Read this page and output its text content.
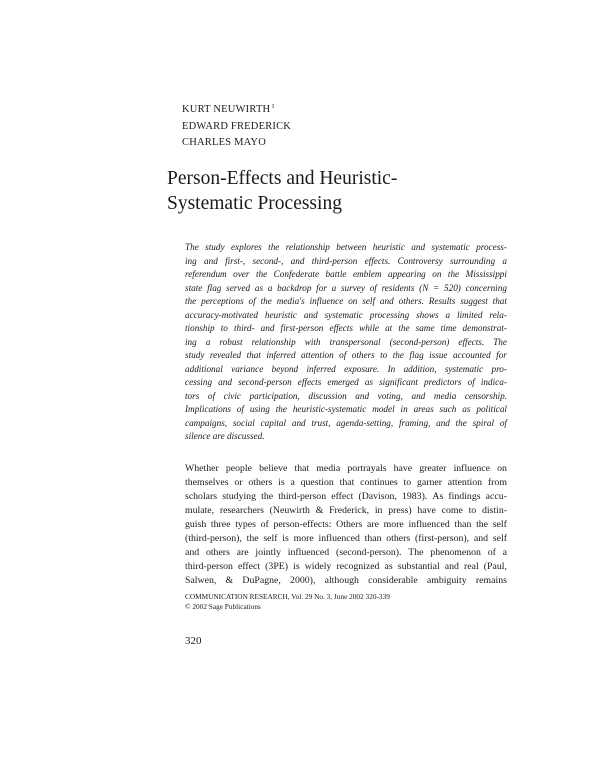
KURT NEUWIRTH$^1$
EDWARD FREDERICK
CHARLES MAYO
Person-Effects and Heuristic-
Systematic Processing
The study explores the relationship between heuristic and systematic process-
ing and first-, second-, and third-person effects. Controversy surrounding a
referendum over the Confederate battle emblem appearing on the Mississippi
state flag served as a backdrop for a survey of residents (N = 520) concerning
the perceptions of the media's influence on self and others. Results suggest that
accuracy-motivated heuristic and systematic processing shows a limited rela-
tionship to third- and first-person effects while at the same time demonstrat-
ing a robust relationship with transpersonal (second-person) effects. The
study revealed that inferred attention of others to the flag issue accounted for
additional variance beyond inferred exposure. In addition, systematic pro-
cessing and second-person effects emerged as significant predictors of indica-
tors of civic participation, discussion and voting, and media censorship.
Implications of using the heuristic-systematic model in areas such as political
campaigns, social capital and trust, agenda-setting, framing, and the spiral of
silence are discussed.
Whether people believe that media portrayals have greater influence on
themselves or others is a question that continues to garner attention from
scholars studying the third-person effect (Davison, 1983). As findings accu-
mulate, researchers (Neuwirth & Frederick, in press) have come to distin-
guish three types of person-effects: Others are more influenced than the self
(third-person), the self is more influenced than others (first-person), and self
and others are jointly influenced (second-person). The phenomenon of a
third-person effect (3PE) is widely recognized as substantial and real (Paul,
Salwen, & DuPagne, 2000), although considerable ambiguity remains
COMMUNICATION RESEARCH, Vol. 29 No. 3, June 2002 320-339
© 2002 Sage Publications
320
